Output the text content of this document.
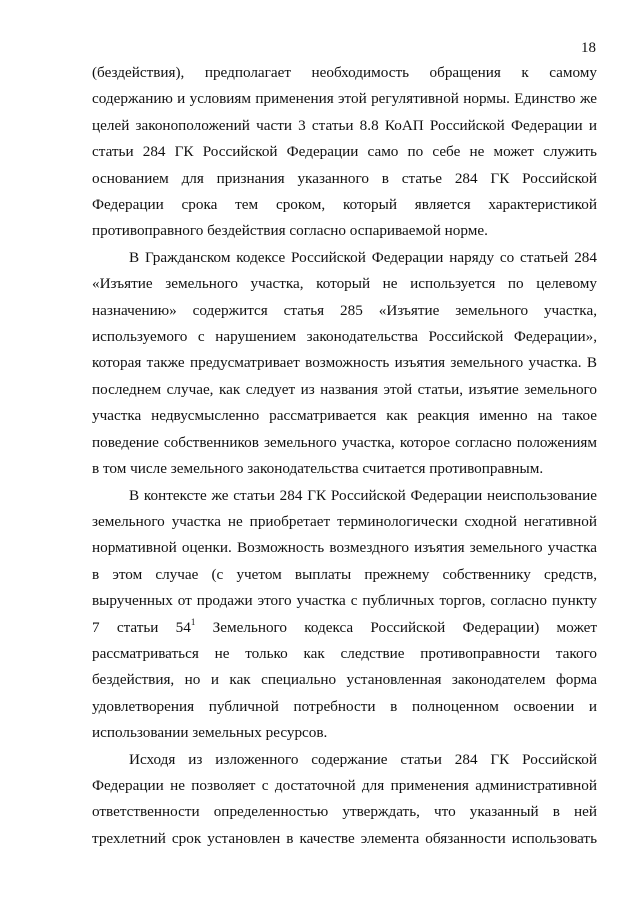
18

(бездействия), предполагает необходимость обращения к самому содержанию и условиям применения этой регулятивной нормы. Единство же целей законоположений части 3 статьи 8.8 КоАП Российской Федерации и статьи 284 ГК Российской Федерации само по себе не может служить основанием для признания указанного в статье 284 ГК Российской Федерации срока тем сроком, который является характеристикой противоправного бездействия согласно оспариваемой норме.

В Гражданском кодексе Российской Федерации наряду со статьей 284 «Изъятие земельного участка, который не используется по целевому назначению» содержится статья 285 «Изъятие земельного участка, используемого с нарушением законодательства Российской Федерации», которая также предусматривает возможность изъятия земельного участка. В последнем случае, как следует из названия этой статьи, изъятие земельного участка недвусмысленно рассматривается как реакция именно на такое поведение собственников земельного участка, которое согласно положениям в том числе земельного законодательства считается противоправным.

В контексте же статьи 284 ГК Российской Федерации неиспользование земельного участка не приобретает терминологически сходной негативной нормативной оценки. Возможность возмездного изъятия земельного участка в этом случае (с учетом выплаты прежнему собственнику средств, вырученных от продажи этого участка с публичных торгов, согласно пункту 7 статьи $54^1$ Земельного кодекса Российской Федерации) может рассматриваться не только как следствие противоправности такого бездействия, но и как специально установленная законодателем форма удовлетворения публичной потребности в полноценном освоении и использовании земельных ресурсов.

Исходя из изложенного содержание статьи 284 ГК Российской Федерации не позволяет с достаточной для применения административной ответственности определенностью утверждать, что указанный в ней трехлетний срок установлен в качестве элемента обязанности использовать
